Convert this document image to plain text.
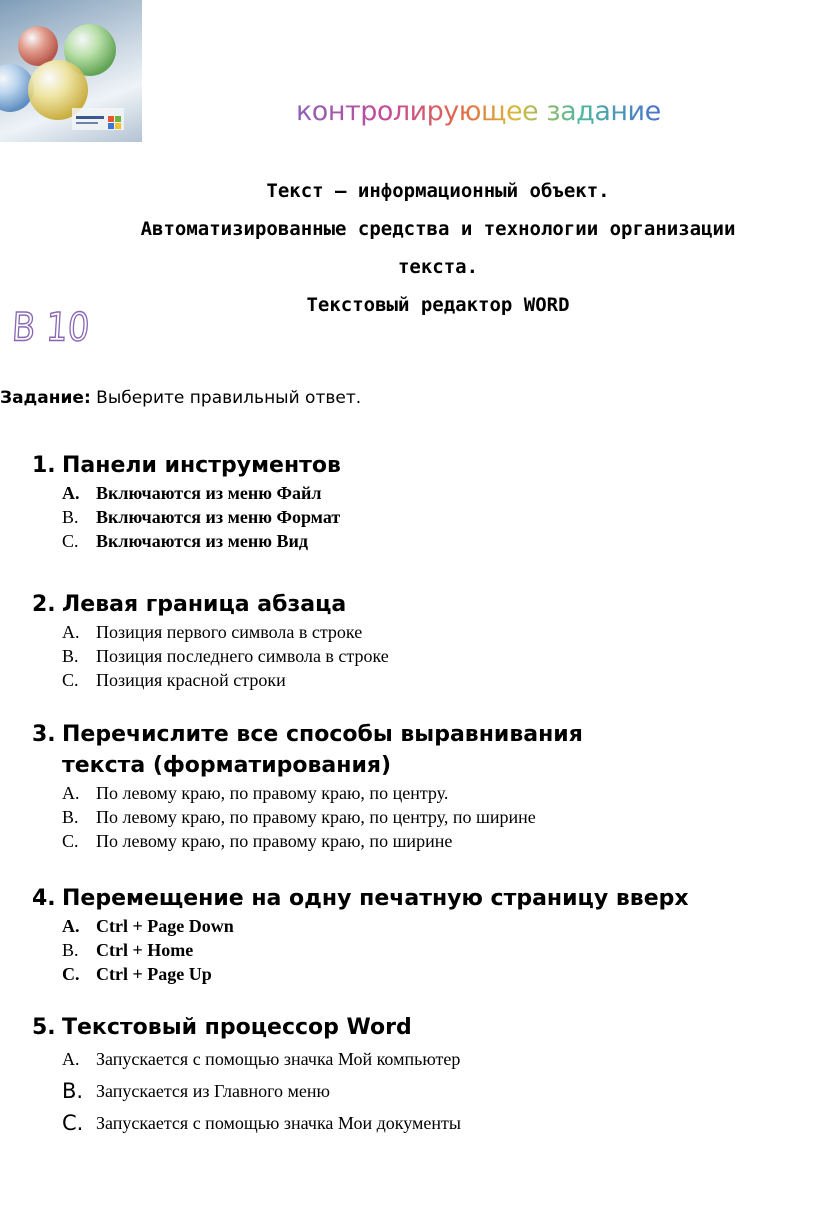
контролирующее задание
Текст – информационный объект.
Автоматизированные средства и технологии организации
текста.
Текстовый редактор WORD
В 10
Задание: Выберите правильный ответ.
1. Панели инструментов
A. Включаются из меню Файл
B. Включаются из меню Формат
C. Включаются из меню Вид
2. Левая граница абзаца
A. Позиция первого символа в строке
B. Позиция последнего символа в строке
C. Позиция красной строки
3. Перечислите все способы выравнивания текста (форматирования)
A. По левому краю, по правому краю, по центру.
B. По левому краю, по правому краю, по центру, по ширине
C. По левому краю, по правому краю, по ширине
4. Перемещение на одну печатную страницу вверх
A. Ctrl + Page Down
B. Ctrl + Home
C. Ctrl + Page Up
5. Текстовый процессор Word
A. Запускается с помощью значка Мой компьютер
B. Запускается из Главного меню
C. Запускается с помощью значка Мои документы
